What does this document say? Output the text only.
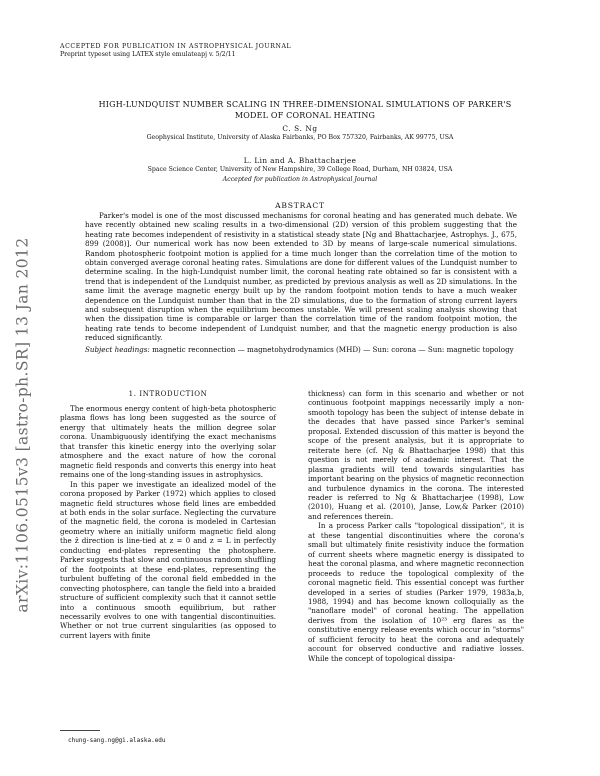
ACCEPTED FOR PUBLICATION IN ASTROPHYSICAL JOURNAL
Preprint typeset using LATEX style emulateapj v. 5/2/11
arXiv:1106.0515v3 [astro-ph.SR] 13 Jan 2012
HIGH-LUNDQUIST NUMBER SCALING IN THREE-DIMENSIONAL SIMULATIONS OF PARKER'S MODEL OF CORONAL HEATING
C. S. Ng
Geophysical Institute, University of Alaska Fairbanks, PO Box 757320, Fairbanks, AK 99775, USA
L. Lin and A. Bhattacharjee
Space Science Center, University of New Hampshire, 39 College Road, Durham, NH 03824, USA
Accepted for publication in Astrophysical Journal
ABSTRACT

Parker's model is one of the most discussed mechanisms for coronal heating and has generated much debate. We have recently obtained new scaling results in a two-dimensional (2D) version of this problem suggesting that the heating rate becomes independent of resistivity in a statistical steady state [Ng and Bhattacharjee, Astrophys. J., 675, 899 (2008)]. Our numerical work has now been extended to 3D by means of large-scale numerical simulations. Random photospheric footpoint motion is applied for a time much longer than the correlation time of the motion to obtain converged average coronal heating rates. Simulations are done for different values of the Lundquist number to determine scaling. In the high-Lundquist number limit, the coronal heating rate obtained so far is consistent with a trend that is independent of the Lundquist number, as predicted by previous analysis as well as 2D simulations. In the same limit the average magnetic energy built up by the random footpoint motion tends to have a much weaker dependence on the Lundquist number than that in the 2D simulations, due to the formation of strong current layers and subsequent disruption when the equilibrium becomes unstable. We will present scaling analysis showing that when the dissipation time is comparable or larger than the correlation time of the random footpoint motion, the heating rate tends to become independent of Lundquist number, and that the magnetic energy production is also reduced significantly.

Subject headings: magnetic reconnection — magnetohydrodynamics (MHD) — Sun: corona — Sun: magnetic topology

1. INTRODUCTION

The enormous energy content of high-beta photospheric plasma flows has long been suggested as the source of energy that ultimately heats the million degree solar corona. Unambiguously identifying the exact mechanisms that transfer this kinetic energy into the overlying solar atmosphere and the exact nature of how the coronal magnetic field responds and converts this energy into heat remains one of the long-standing issues in astrophysics.

In this paper we investigate an idealized model of the corona proposed by Parker (1972) which applies to closed magnetic field structures whose field lines are embedded at both ends in the solar surface. Neglecting the curvature of the magnetic field, the corona is modeled in Cartesian geometry where an initially uniform magnetic field along the ẑ direction is line-tied at z = 0 and z = L in perfectly conducting end-plates representing the photosphere. Parker suggests that slow and continuous random shuffling of the footpoints at these end-plates, representing the turbulent buffeting of the coronal field embedded in the convecting photosphere, can tangle the field into a braided structure of sufficient complexity such that it cannot settle into a continuous smooth equilibrium, but rather necessarily evolves to one with tangential discontinuities. Whether or not true current singularities (as opposed to current layers with finite

thickness) can form in this scenario and whether or not continuous footpoint mappings necessarily imply a non-smooth topology has been the subject of intense debate in the decades that have passed since Parker's seminal proposal. Extended discussion of this matter is beyond the scope of the present analysis, but it is appropriate to reiterate here (cf. Ng & Bhattacharjee 1998) that this question is not merely of academic interest. That the plasma gradients will tend towards singularities has important bearing on the physics of magnetic reconnection and turbulence dynamics in the corona. The interested reader is referred to Ng & Bhattacharjee (1998), Low (2010), Huang et al. (2010), Janse, Low,& Parker (2010) and references therein.

In a process Parker calls "topological dissipation", it is at these tangential discontinuities where the corona's small but ultimately finite resistivity induce the formation of current sheets where magnetic energy is dissipated to heat the coronal plasma, and where magnetic reconnection proceeds to reduce the topological complexity of the coronal magnetic field. This essential concept was further developed in a series of studies (Parker 1979, 1983a,b, 1988, 1994) and has become known colloquially as the "nanoflare model" of coronal heating. The appellation derives from the isolation of 10²³ erg flares as the constitutive energy release events which occur in "storms" of sufficient ferocity to heat the corona and adequately account for observed conductive and radiative losses. While the concept of topological dissipa-

chung-sang.ng@gi.alaska.edu
